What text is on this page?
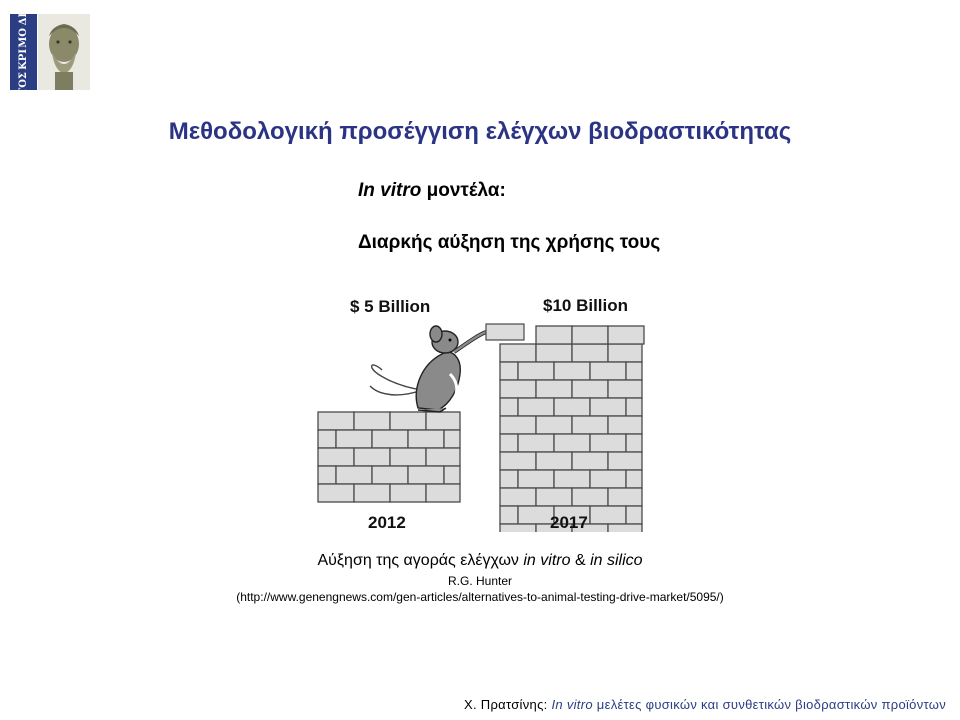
ΔΗ
ΜΟ
ΚΡΙ
ΤΟΣ
Μεθοδολογική προσέγγιση ελέγχων βιοδραστικότητας

In vitro μοντέλα:

Διαρκής αύξηση της χρήσης τους

$ 5 Billion	$10 Billion
2012	2017

Αύξηση της αγοράς ελέγχων in vitro & in silico

R.G. Hunter

(http://www.genengnews.com/gen-articles/alternatives-to-animal-testing-drive-market/5095/)

Χ. Πρατσίνης: In vitro μελέτες φυσικών και συνθετικών βιοδραστικών προϊόντων
